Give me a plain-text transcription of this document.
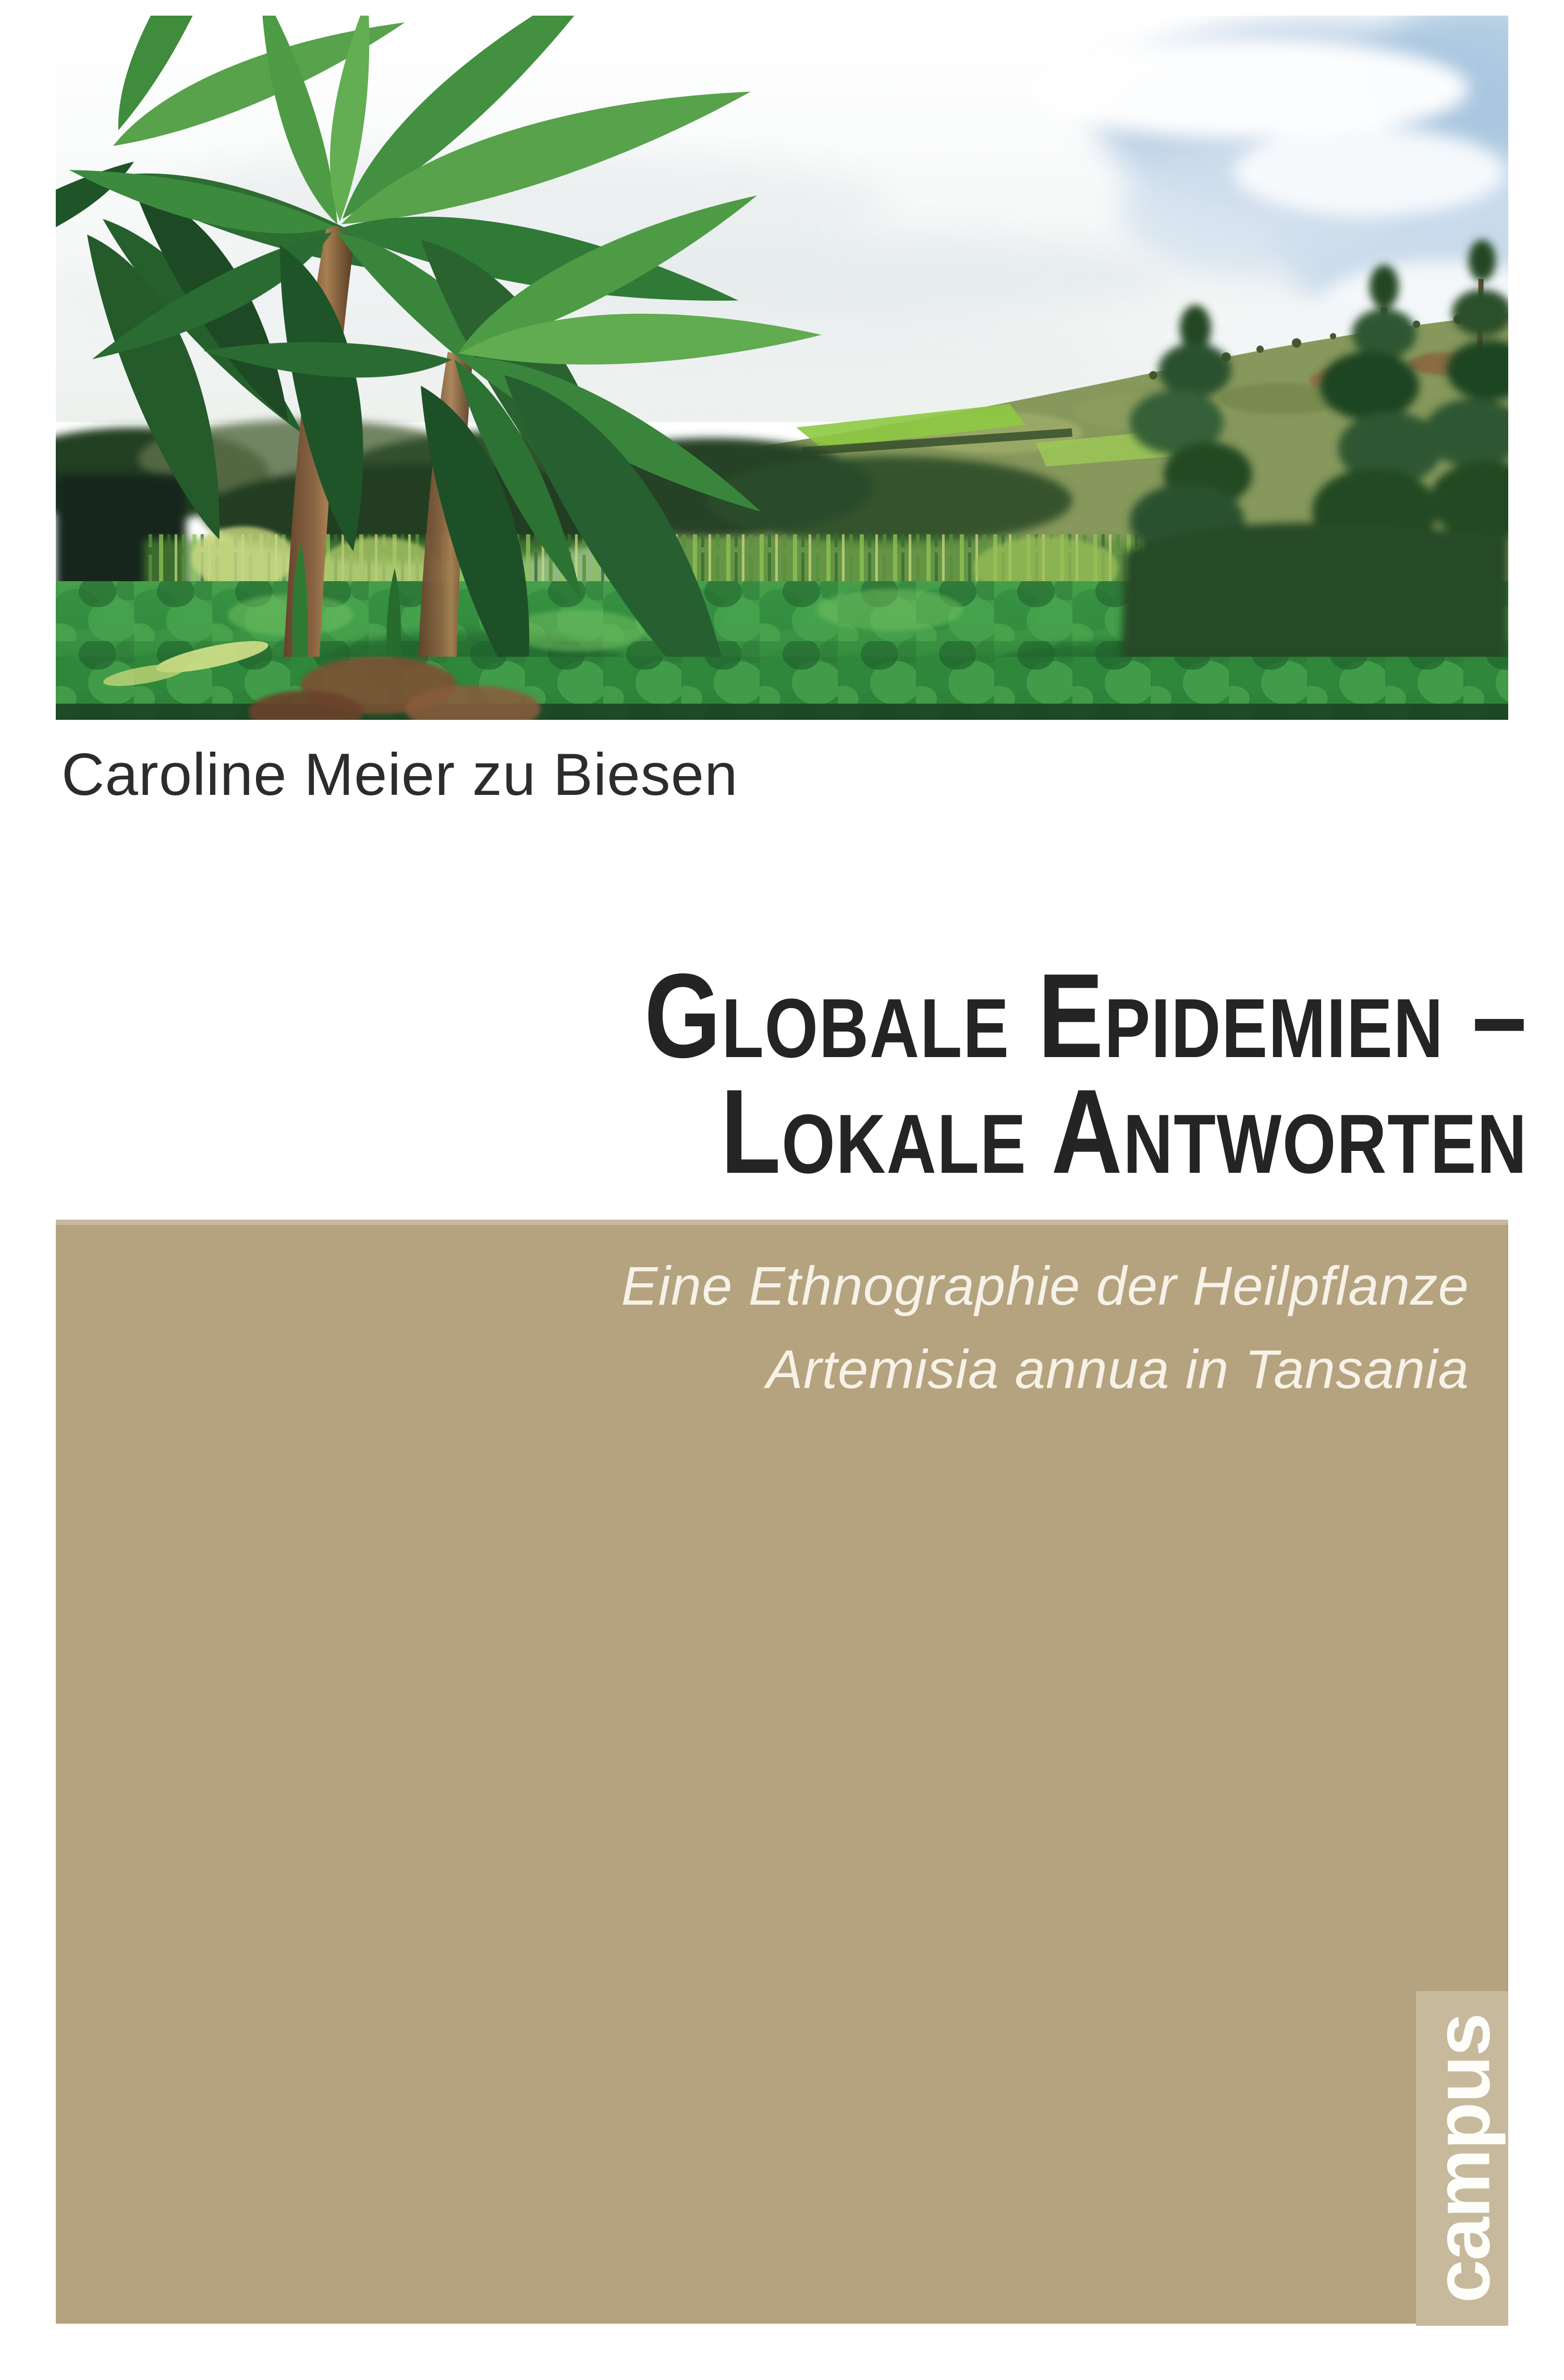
Caroline Meier zu Biesen
Globale Epidemien –
Lokale Antworten
Eine Ethnographie der Heilpflanze
Artemisia annua in Tansania
campus
